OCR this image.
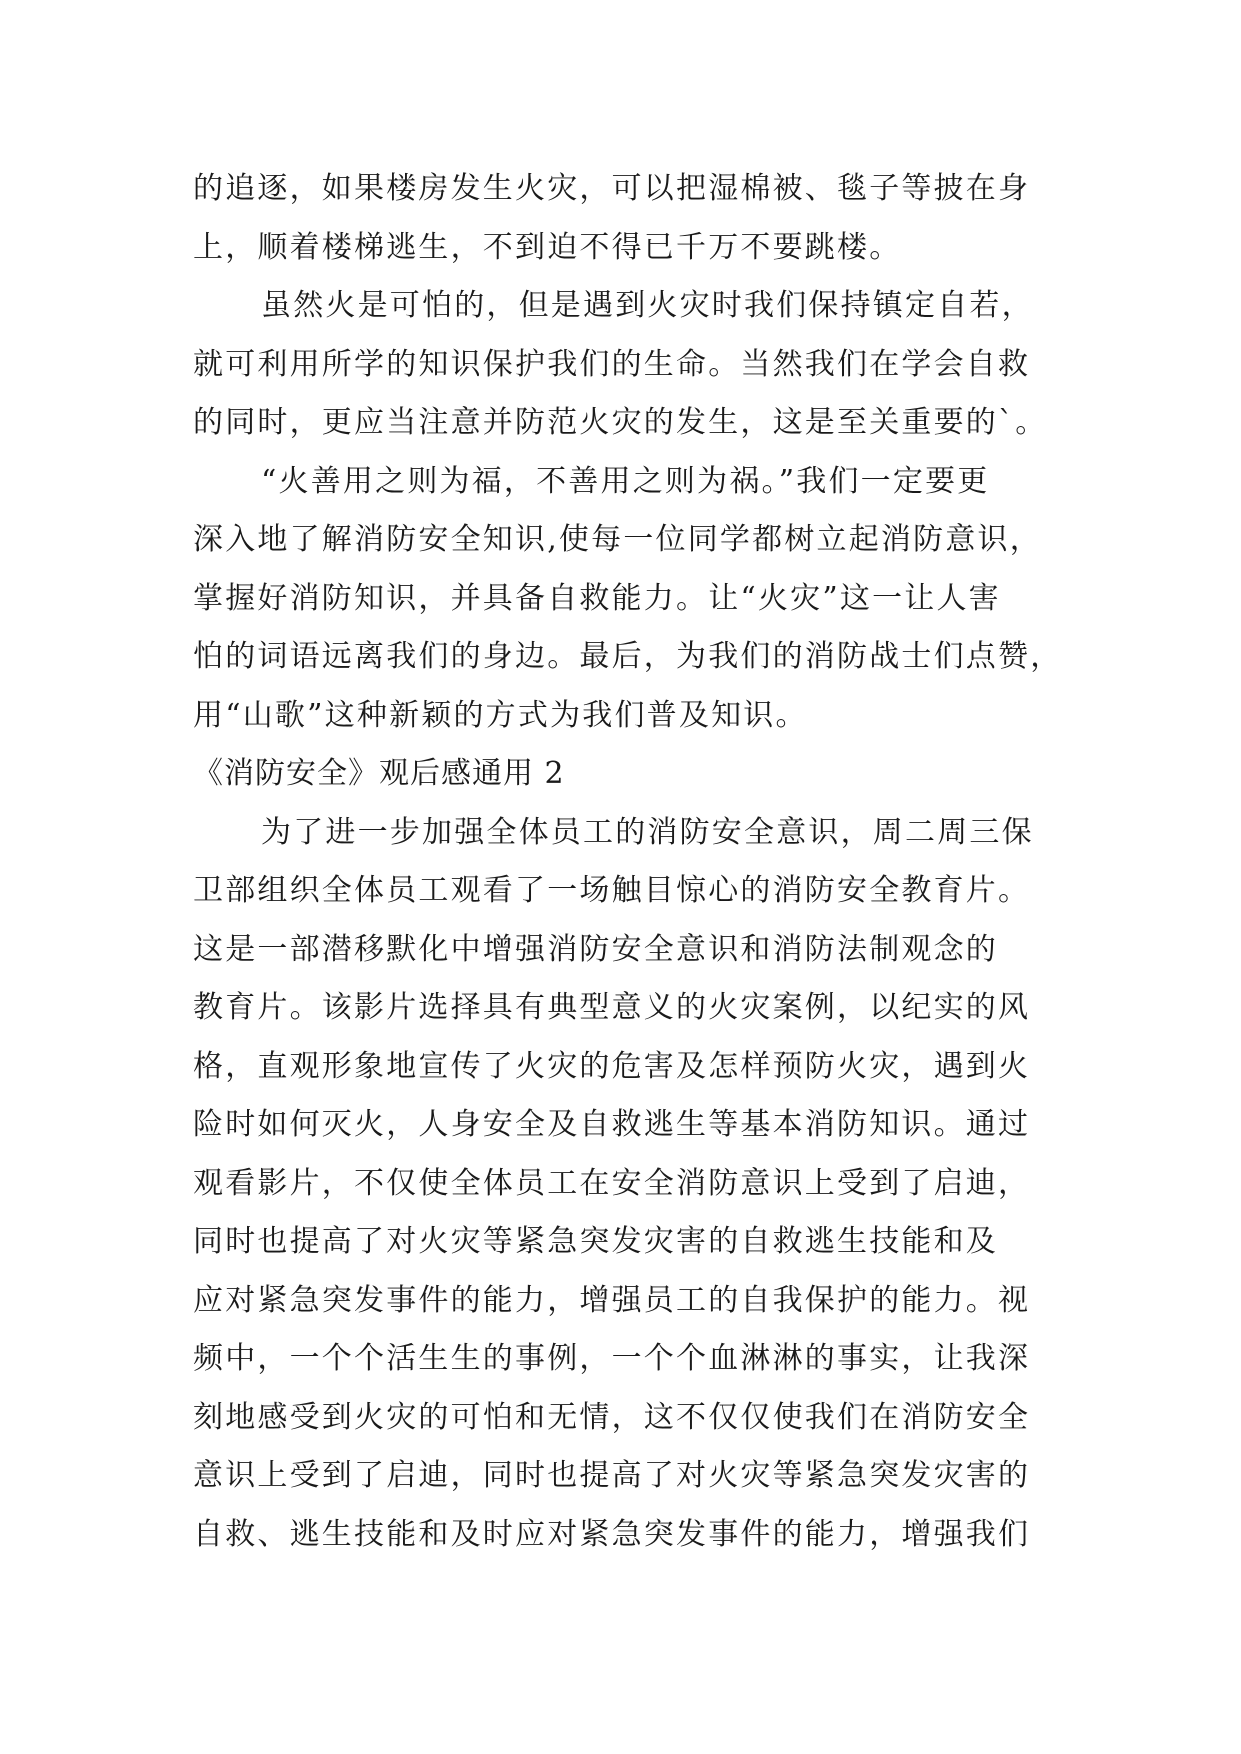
的追逐，如果楼房发生火灾，可以把湿棉被、毯子等披在身
上，顺着楼梯逃生，不到迫不得已千万不要跳楼。
虽然火是可怕的，但是遇到火灾时我们保持镇定自若，
就可利用所学的知识保护我们的生命。当然我们在学会自救
的同时，更应当注意并防范火灾的发生，这是至关重要的`。
“火善用之则为福，不善用之则为祸。”我们一定要更
深入地了解消防安全知识,使每一位同学都树立起消防意识，
掌握好消防知识，并具备自救能力。让“火灾”这一让人害
怕的词语远离我们的身边。最后，为我们的消防战士们点赞，
用“山歌”这种新颖的方式为我们普及知识。
《消防安全》观后感通用 2
为了进一步加强全体员工的消防安全意识，周二周三保
卫部组织全体员工观看了一场触目惊心的消防安全教育片。
这是一部潜移默化中增强消防安全意识和消防法制观念的
教育片。该影片选择具有典型意义的火灾案例，以纪实的风
格，直观形象地宣传了火灾的危害及怎样预防火灾，遇到火
险时如何灭火，人身安全及自救逃生等基本消防知识。通过
观看影片，不仅使全体员工在安全消防意识上受到了启迪，
同时也提高了对火灾等紧急突发灾害的自救逃生技能和及
应对紧急突发事件的能力，增强员工的自我保护的能力。视
频中，一个个活生生的事例，一个个血淋淋的事实，让我深
刻地感受到火灾的可怕和无情，这不仅仅使我们在消防安全
意识上受到了启迪，同时也提高了对火灾等紧急突发灾害的
自救、逃生技能和及时应对紧急突发事件的能力，增强我们
